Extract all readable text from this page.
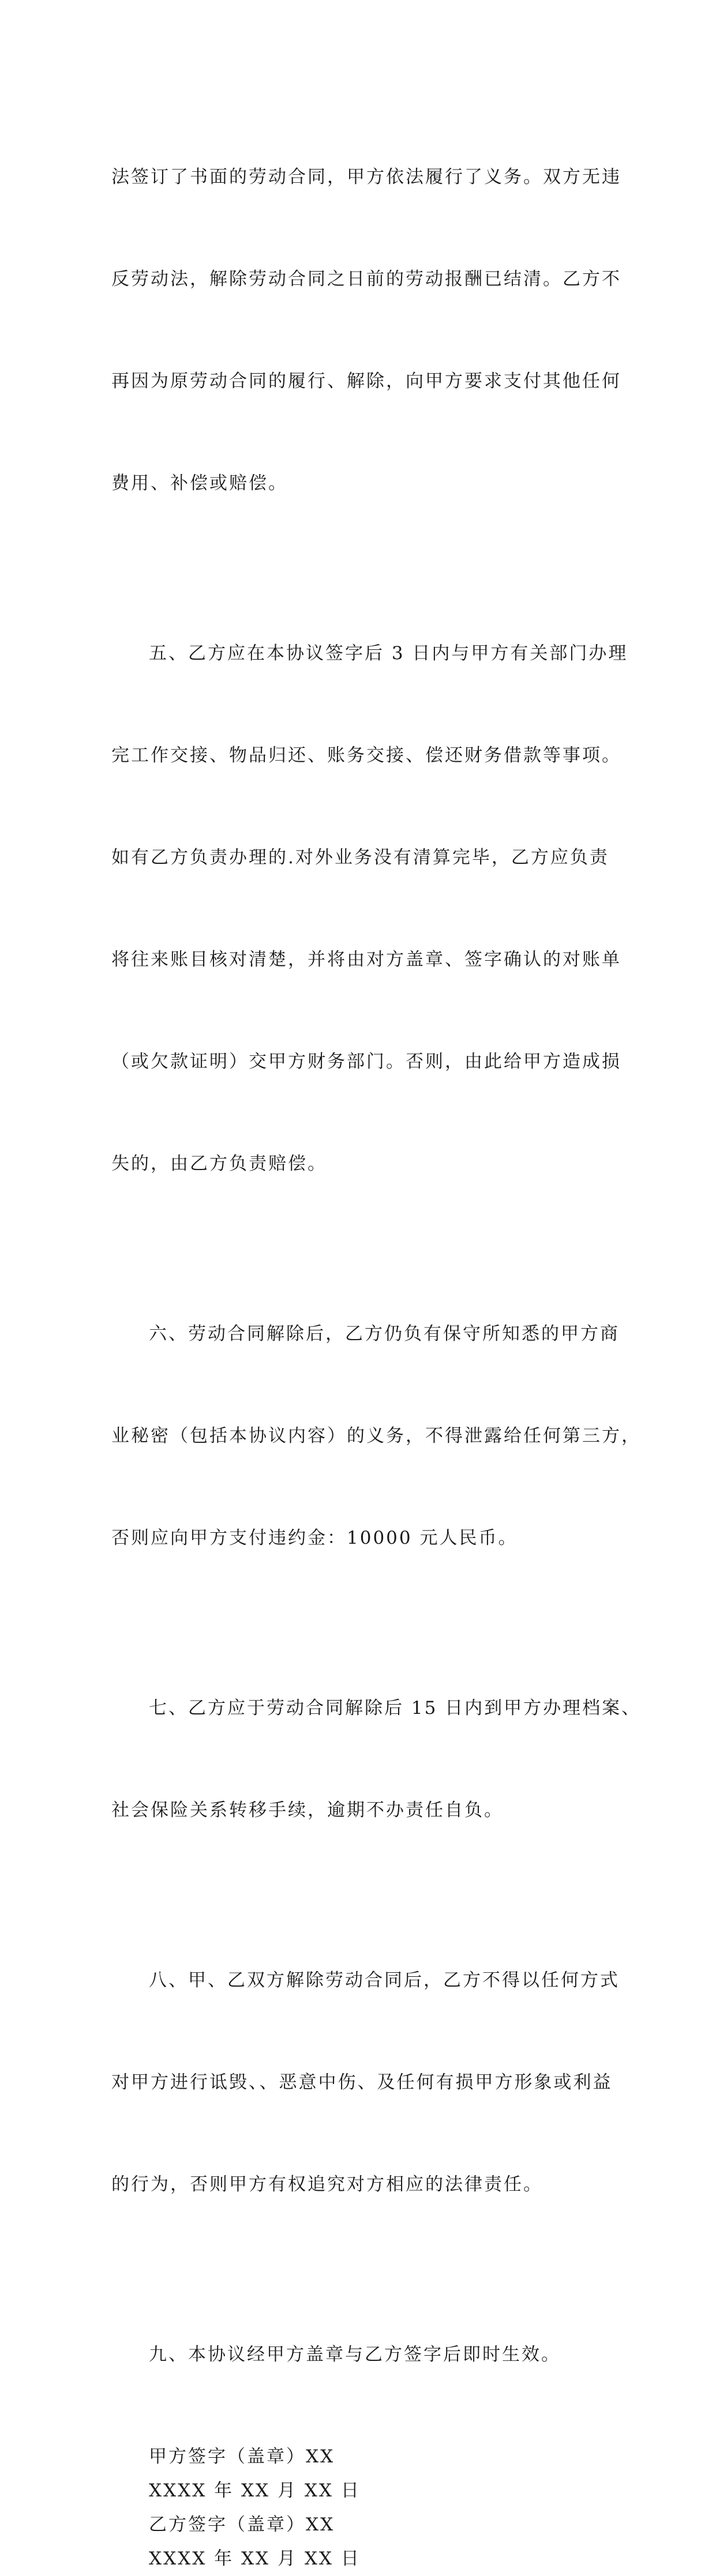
法签订了书面的劳动合同，甲方依法履行了义务。双方无违

反劳动法，解除劳动合同之日前的劳动报酬已结清。乙方不

再因为原劳动合同的履行、解除，向甲方要求支付其他任何

费用、补偿或赔偿。

五、乙方应在本协议签字后 3 日内与甲方有关部门办理

完工作交接、物品归还、账务交接、偿还财务借款等事项。

如有乙方负责办理的.对外业务没有清算完毕，乙方应负责

将往来账目核对清楚，并将由对方盖章、签字确认的对账单

（或欠款证明）交甲方财务部门。否则，由此给甲方造成损

失的，由乙方负责赔偿。

六、劳动合同解除后，乙方仍负有保守所知悉的甲方商

业秘密（包括本协议内容）的义务，不得泄露给任何第三方，

否则应向甲方支付违约金：10000 元人民币。

七、乙方应于劳动合同解除后 15 日内到甲方办理档案、

社会保险关系转移手续，逾期不办责任自负。

八、甲、乙双方解除劳动合同后，乙方不得以任何方式

对甲方进行诋毁、、恶意中伤、及任何有损甲方形象或利益

的行为，否则甲方有权追究对方相应的法律责任。

九、本协议经甲方盖章与乙方签字后即时生效。

甲方签字（盖章）XX
XXXX 年 XX 月 XX 日
乙方签字（盖章）XX
XXXX 年 XX 月 XX 日
